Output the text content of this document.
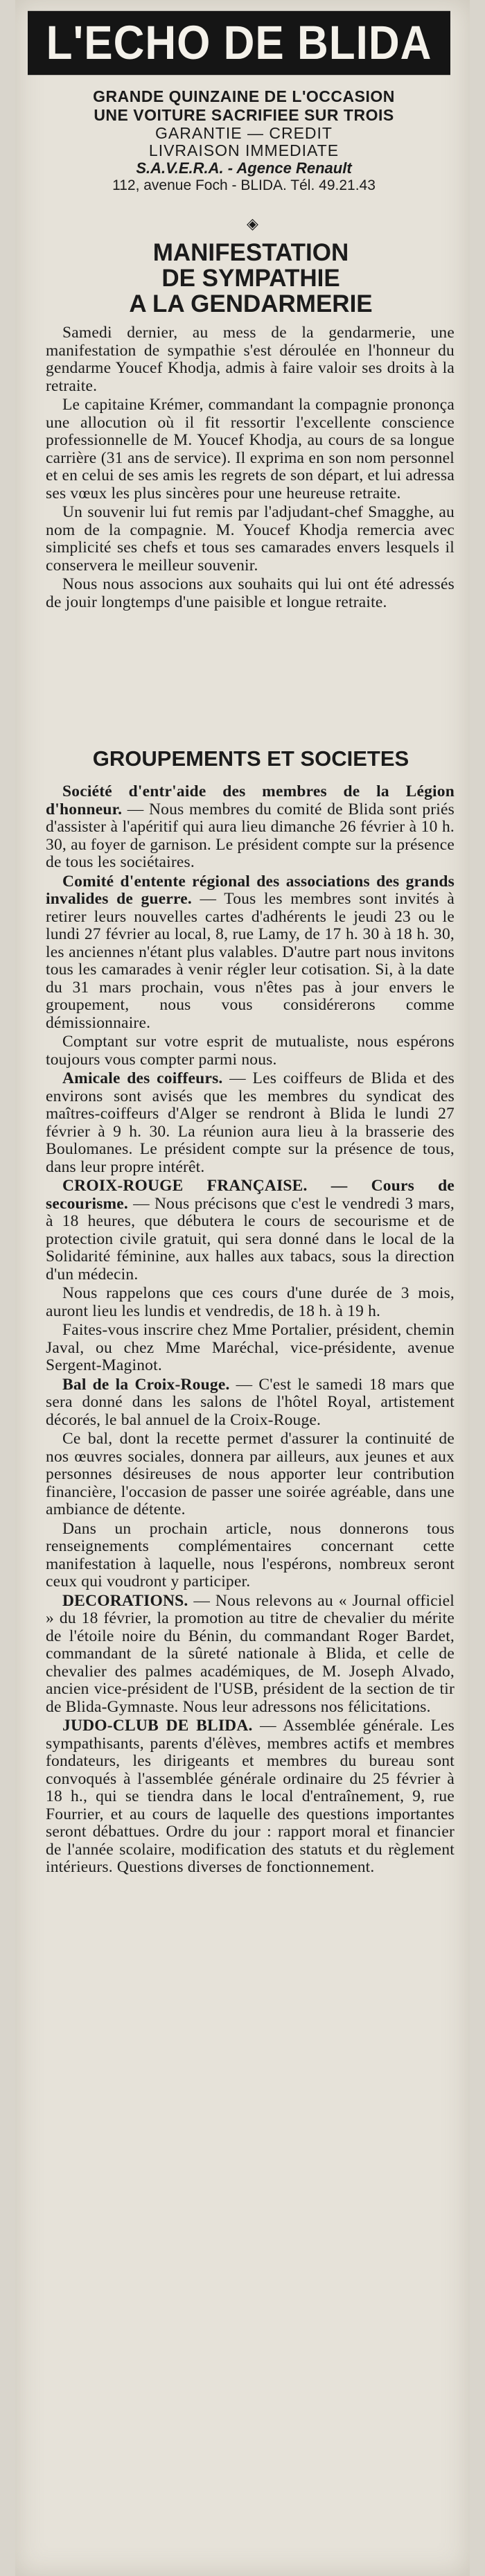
L'ECHO DE BLIDA
GRANDE QUINZAINE DE L'OCCASION
UNE VOITURE SACRIFIEE SUR TROIS
GARANTIE — CREDIT
LIVRAISON IMMEDIATE
S.A.V.E.R.A. - Agence Renault
112, avenue Foch - BLIDA. Tél. 49.21.43
◈
MANIFESTATION
DE SYMPATHIE
A LA GENDARMERIE

Samedi dernier, au mess de la gendarmerie, une manifestation de sympathie s'est déroulée en l'honneur du gendarme Youcef Khodja, admis à faire valoir ses droits à la retraite.

Le capitaine Krémer, commandant la compagnie prononça une allocution où il fit ressortir l'excellente conscience professionnelle de M. Youcef Khodja, au cours de sa longue carrière (31 ans de service). Il exprima en son nom personnel et en celui de ses amis les regrets de son départ, et lui adressa ses vœux les plus sincères pour une heureuse retraite.

Un souvenir lui fut remis par l'adjudant-chef Smagghe, au nom de la compagnie. M. Youcef Khodja remercia avec simplicité ses chefs et tous ses camarades envers lesquels il conservera le meilleur souvenir.

Nous nous associons aux souhaits qui lui ont été adressés de jouir longtemps d'une paisible et longue retraite.

GROUPEMENTS ET SOCIETES

Société d'entr'aide des membres de la Légion d'honneur. — Nous membres du comité de Blida sont priés d'assister à l'apéritif qui aura lieu dimanche 26 février à 10 h. 30, au foyer de garnison. Le président compte sur la présence de tous les sociétaires.

Comité d'entente régional des associations des grands invalides de guerre. — Tous les membres sont invités à retirer leurs nouvelles cartes d'adhérents le jeudi 23 ou le lundi 27 février au local, 8, rue Lamy, de 17 h. 30 à 18 h. 30, les anciennes n'étant plus valables. D'autre part nous invitons tous les camarades à venir régler leur cotisation. Si, à la date du 31 mars prochain, vous n'êtes pas à jour envers le groupement, nous vous considérerons comme démissionnaire.

Comptant sur votre esprit de mutualiste, nous espérons toujours vous compter parmi nous.

Amicale des coiffeurs. — Les coiffeurs de Blida et des environs sont avisés que les membres du syndicat des maîtres-coiffeurs d'Alger se rendront à Blida le lundi 27 février à 9 h. 30. La réunion aura lieu à la brasserie des Boulomanes. Le président compte sur la présence de tous, dans leur propre intérêt.

CROIX-ROUGE FRANÇAISE. — Cours de secourisme. — Nous précisons que c'est le vendredi 3 mars, à 18 heures, que débutera le cours de secourisme et de protection civile gratuit, qui sera donné dans le local de la Solidarité féminine, aux halles aux tabacs, sous la direction d'un médecin.

Nous rappelons que ces cours d'une durée de 3 mois, auront lieu les lundis et vendredis, de 18 h. à 19 h.

Faites-vous inscrire chez Mme Portalier, président, chemin Javal, ou chez Mme Maréchal, vice-présidente, avenue Sergent-Maginot.

Bal de la Croix-Rouge. — C'est le samedi 18 mars que sera donné dans les salons de l'hôtel Royal, artistement décorés, le bal annuel de la Croix-Rouge.

Ce bal, dont la recette permet d'assurer la continuité de nos œuvres sociales, donnera par ailleurs, aux jeunes et aux personnes désireuses de nous apporter leur contribution financière, l'occasion de passer une soirée agréable, dans une ambiance de détente.

Dans un prochain article, nous donnerons tous renseignements complémentaires concernant cette manifestation à laquelle, nous l'espérons, nombreux seront ceux qui voudront y participer.

DECORATIONS. — Nous relevons au « Journal officiel » du 18 février, la promotion au titre de chevalier du mérite de l'étoile noire du Bénin, du commandant Roger Bardet, commandant de la sûreté nationale à Blida, et celle de chevalier des palmes académiques, de M. Joseph Alvado, ancien vice-président de l'USB, président de la section de tir de Blida-Gymnaste. Nous leur adressons nos félicitations.

JUDO-CLUB DE BLIDA. — Assemblée générale. Les sympathisants, parents d'élèves, membres actifs et membres fondateurs, les dirigeants et membres du bureau sont convoqués à l'assemblée générale ordinaire du 25 février à 18 h., qui se tiendra dans le local d'entraînement, 9, rue Fourrier, et au cours de laquelle des questions importantes seront débattues. Ordre du jour : rapport moral et financier de l'année scolaire, modification des statuts et du règlement intérieurs. Questions diverses de fonctionnement.
